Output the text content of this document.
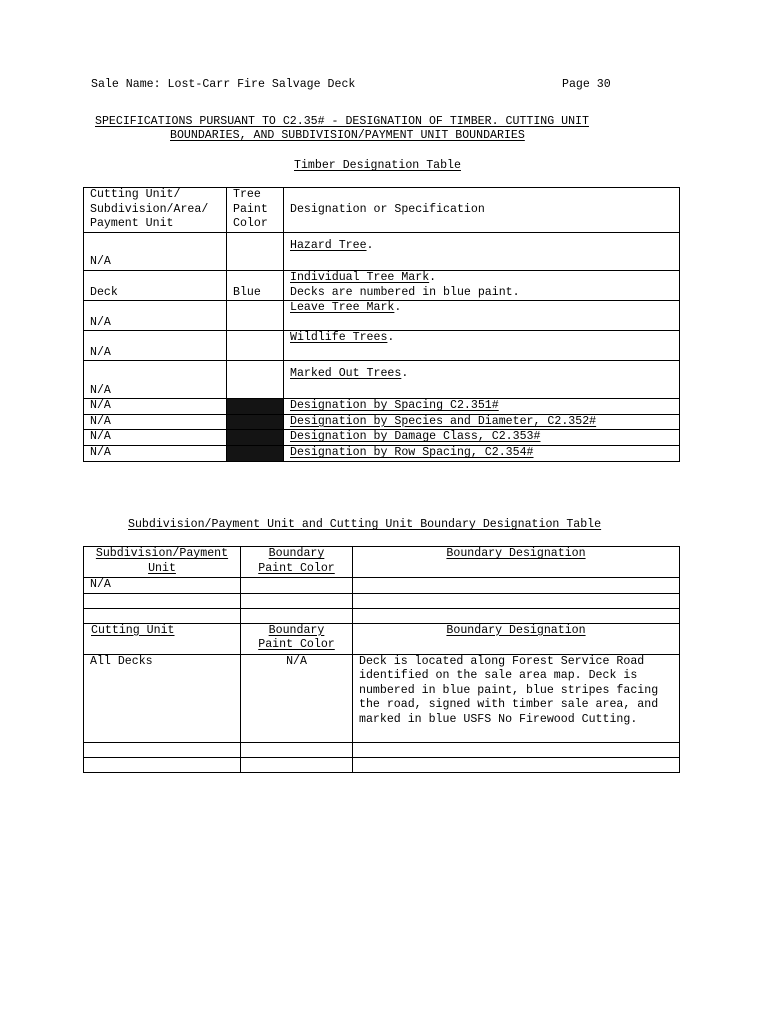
Sale Name: Lost-Carr Fire Salvage Deck	Page 30
SPECIFICATIONS PURSUANT TO C2.35# - DESIGNATION OF TIMBER. CUTTING UNIT
BOUNDARIES, AND SUBDIVISION/PAYMENT UNIT BOUNDARIES
Timber Designation Table
Cutting Unit/
Subdivision/Area/
Payment Unit	Tree
Paint
Color	Designation or Specification
N/A		Hazard Tree.
Deck	Blue	Individual Tree Mark.
Decks are numbered in blue paint.
N/A		Leave Tree Mark.
N/A		Wildlife Trees.
N/A		Marked Out Trees.
N/A		Designation by Spacing C2.351#
N/A		Designation by Species and Diameter, C2.352#
N/A		Designation by Damage Class, C2.353#
N/A		Designation by Row Spacing, C2.354#
Subdivision/Payment Unit and Cutting Unit Boundary Designation Table
Subdivision/Payment
Unit	Boundary
Paint Color	Boundary Designation
N/A		

Cutting Unit	Boundary
Paint Color	Boundary Designation
All Decks	N/A	Deck is located along Forest Service Road identified on the sale area map. Deck is numbered in blue paint, blue stripes facing the road, signed with timber sale area, and marked in blue USFS No Firewood Cutting.
